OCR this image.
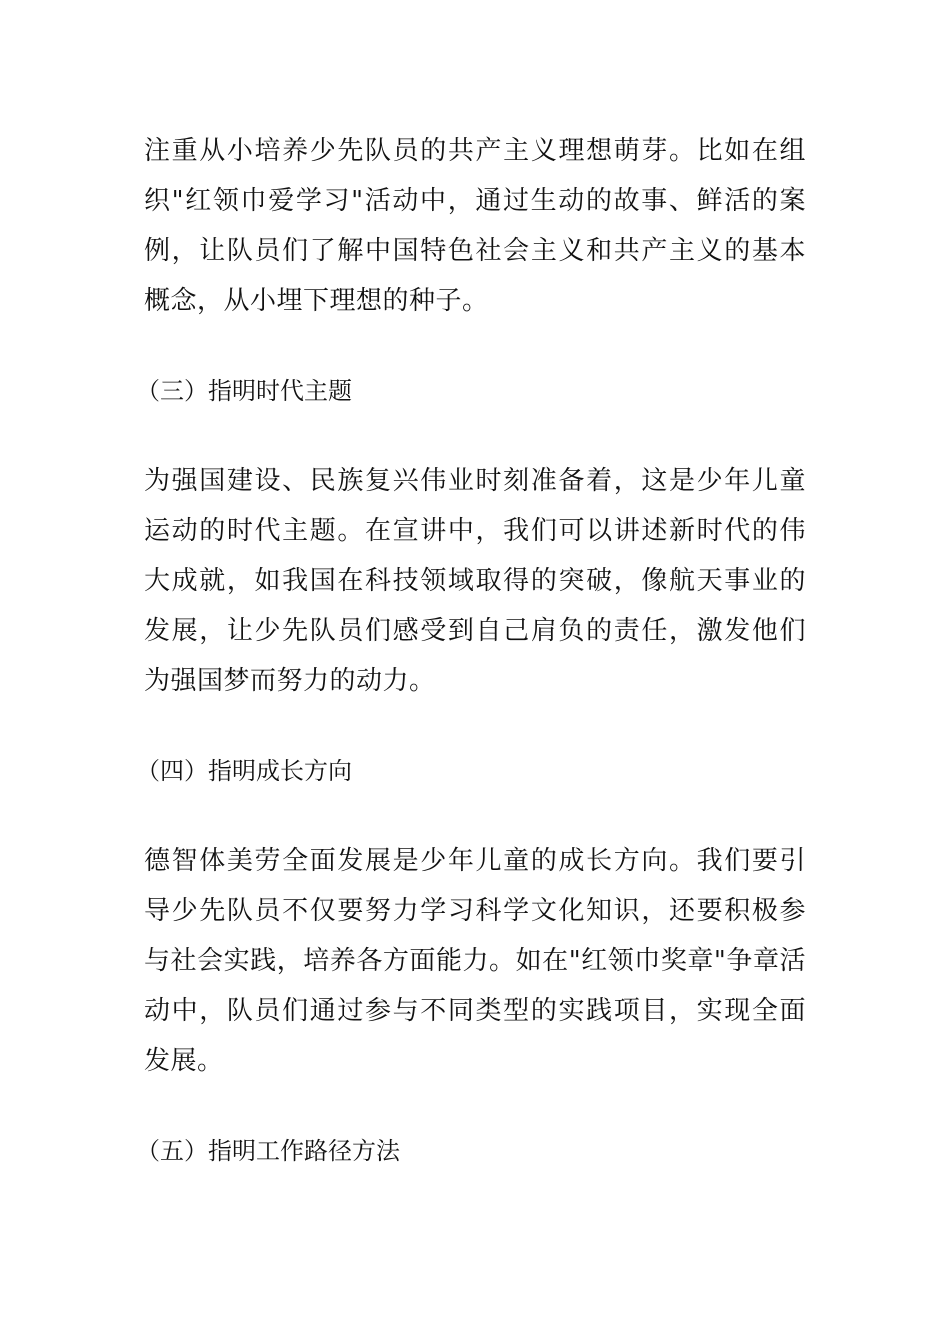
注重从小培养少先队员的共产主义理想萌芽。比如在组织"红领巾爱学习"活动中，通过生动的故事、鲜活的案例，让队员们了解中国特色社会主义和共产主义的基本概念，从小埋下理想的种子。

（三）指明时代主题

为强国建设、民族复兴伟业时刻准备着，这是少年儿童运动的时代主题。在宣讲中，我们可以讲述新时代的伟大成就，如我国在科技领域取得的突破，像航天事业的发展，让少先队员们感受到自己肩负的责任，激发他们为强国梦而努力的动力。

（四）指明成长方向

德智体美劳全面发展是少年儿童的成长方向。我们要引导少先队员不仅要努力学习科学文化知识，还要积极参与社会实践，培养各方面能力。如在"红领巾奖章"争章活动中，队员们通过参与不同类型的实践项目，实现全面发展。

（五）指明工作路径方法
